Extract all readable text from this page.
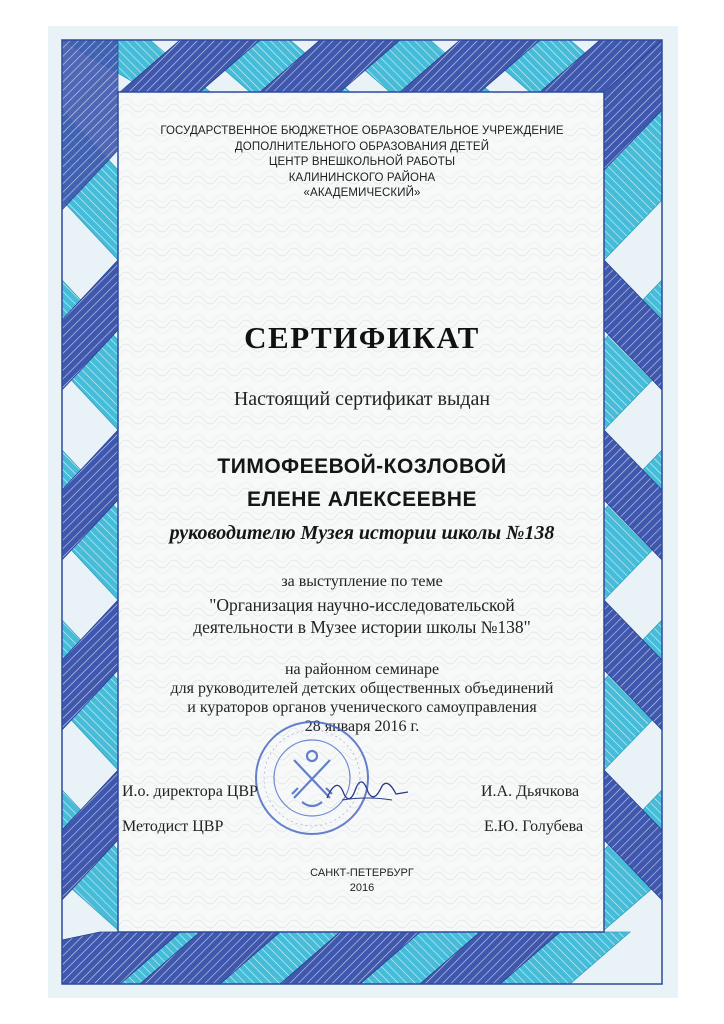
ГОСУДАРСТВЕННОЕ БЮДЖЕТНОЕ ОБРАЗОВАТЕЛЬНОЕ УЧРЕЖДЕНИЕ
ДОПОЛНИТЕЛЬНОГО ОБРАЗОВАНИЯ ДЕТЕЙ
ЦЕНТР ВНЕШКОЛЬНОЙ РАБОТЫ
КАЛИНИНСКОГО РАЙОНА
«АКАДЕМИЧЕСКИЙ»
СЕРТИФИКАТ
Настоящий сертификат выдан
ТИМОФЕЕВОЙ-КОЗЛОВОЙ
ЕЛЕНЕ АЛЕКСЕЕВНЕ
руководителю Музея истории школы №138
за выступление по теме
"Организация научно-исследовательской
деятельности в Музее истории школы №138"
на районном семинаре
для руководителей детских общественных объединений
и кураторов органов ученического самоуправления
28 января 2016 г.
И.о. директора ЦВР	И.А. Дьячкова
Методист ЦВР	Е.Ю. Голубева
САНКТ-ПЕТЕРБУРГ
2016
